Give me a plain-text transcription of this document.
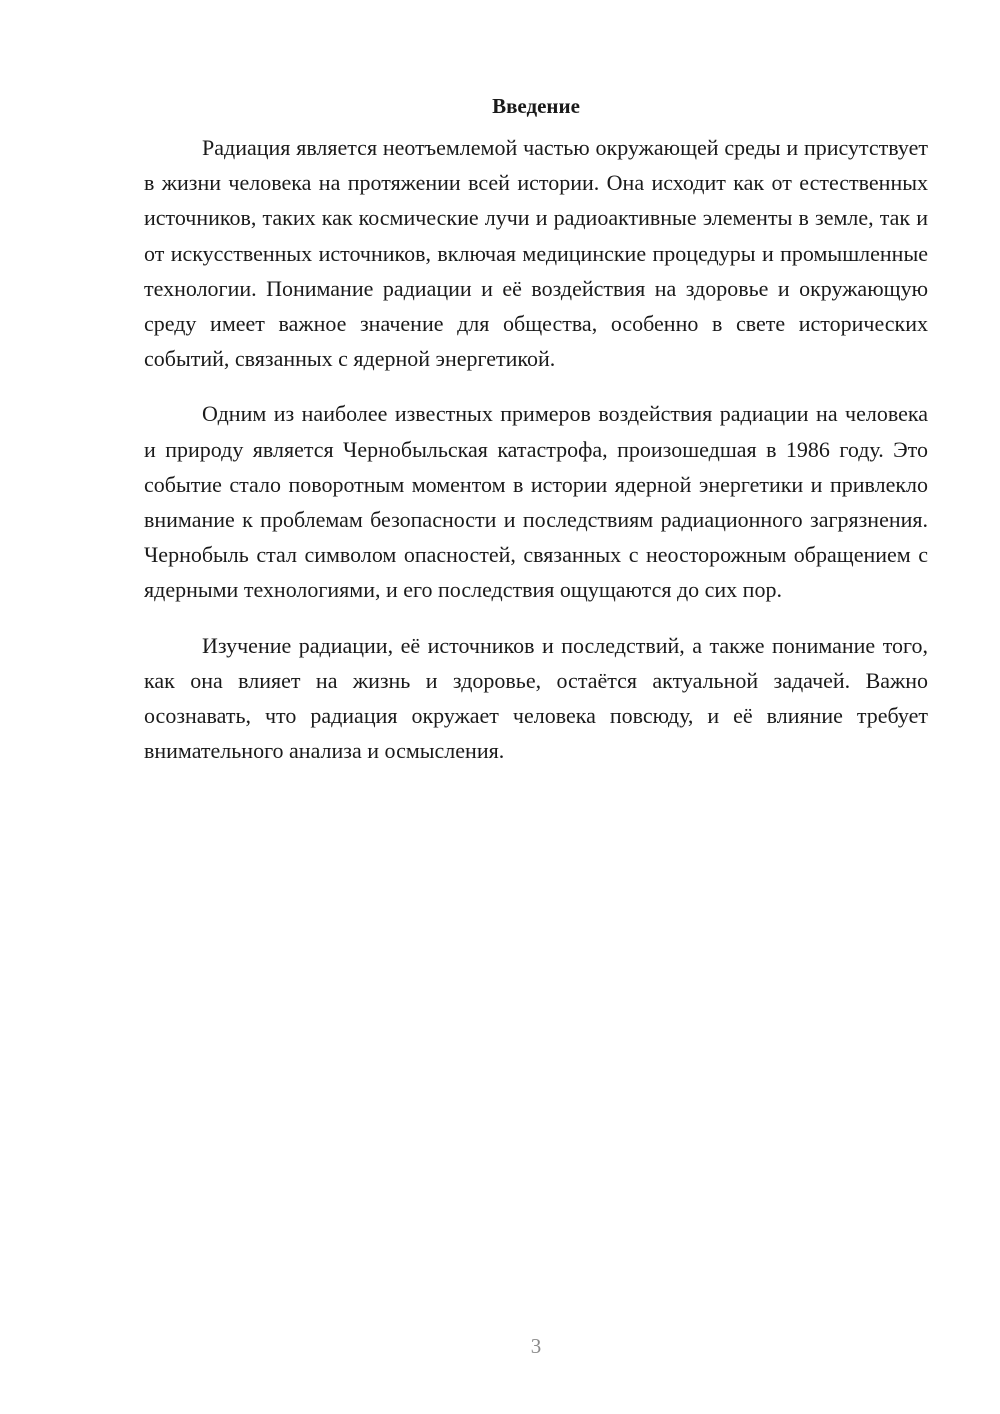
Введение

Радиация является неотъемлемой частью окружающей среды и присутствует в жизни человека на протяжении всей истории. Она исходит как от естественных источников, таких как космические лучи и радиоактивные элементы в земле, так и от искусственных источников, включая медицинские процедуры и промышленные технологии. Понимание радиации и её воздействия на здоровье и окружающую среду имеет важное значение для общества, особенно в свете исторических событий, связанных с ядерной энергетикой.

Одним из наиболее известных примеров воздействия радиации на человека и природу является Чернобыльская катастрофа, произошедшая в 1986 году. Это событие стало поворотным моментом в истории ядерной энергетики и привлекло внимание к проблемам безопасности и последствиям радиационного загрязнения. Чернобыль стал символом опасностей, связанных с неосторожным обращением с ядерными технологиями, и его последствия ощущаются до сих пор.

Изучение радиации, её источников и последствий, а также понимание того, как она влияет на жизнь и здоровье, остаётся актуальной задачей. Важно осознавать, что радиация окружает человека повсюду, и её влияние требует внимательного анализа и осмысления.

3
